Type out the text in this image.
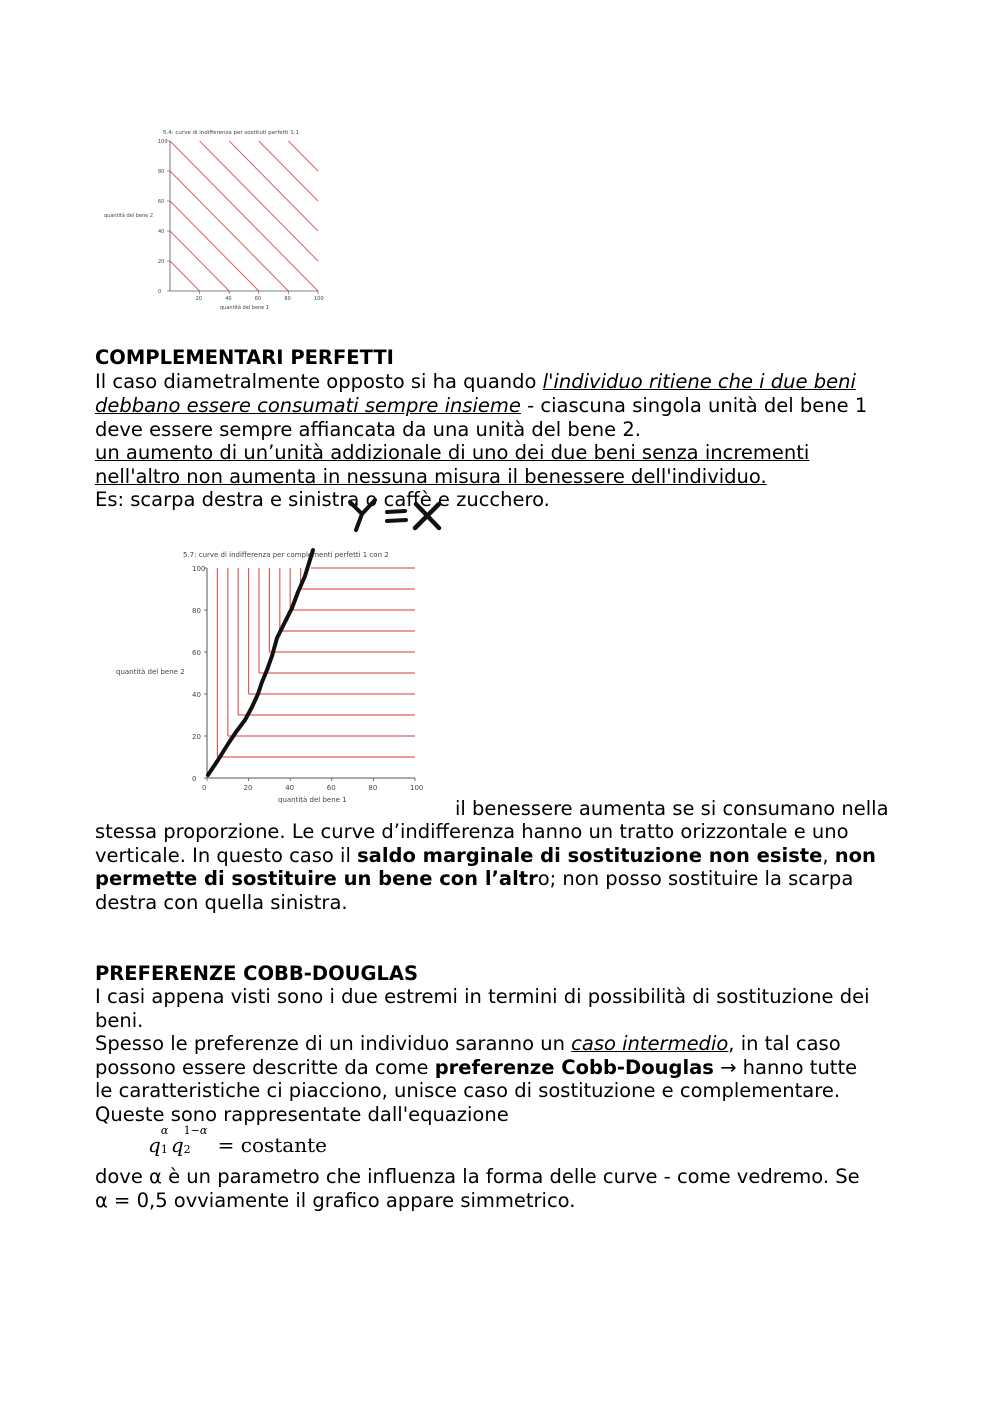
5.4: curve di indifferenza per sostituti perfetti 1:1
quantità del bene 2
quantità del bene 1
20	40	60	80	100
0
20
40
60
80
100
COMPLEMENTARI PERFETTI
Il caso diametralmente opposto si ha quando l'individuo ritiene che i due beni
debbano essere consumati sempre insieme - ciascuna singola unità del bene 1
deve essere sempre affiancata da una unità del bene 2.
un aumento di un’unità addizionale di uno dei due beni senza incrementi
nell'altro non aumenta in nessuna misura il benessere dell'individuo.
Es: scarpa destra e sinistra o caffè e zucchero.
5.7: curve di indifferenza per complementi perfetti 1 con 2
quantità del bene 2
quantità del bene 1
0	20	40	60	80	100
0
20
40
60
80
100
il benessere aumenta se si consumano nella
stessa proporzione. Le curve d’indifferenza hanno un tratto orizzontale e uno
verticale. In questo caso il saldo marginale di sostituzione non esiste, non
permette di sostituire un bene con l’altro; non posso sostituire la scarpa
destra con quella sinistra.
PREFERENZE COBB-DOUGLAS
I casi appena visti sono i due estremi in termini di possibilità di sostituzione dei
beni.
Spesso le preferenze di un individuo saranno un caso intermedio, in tal caso
possono essere descritte da come preferenze Cobb-Douglas → hanno tutte
le caratteristiche ci piacciono, unisce caso di sostituzione e complementare.
Queste sono rappresentate dall'equazione
q
α
1 q
1−α
2 = costante
dove α è un parametro che influenza la forma delle curve - come vedremo. Se
α = 0,5 ovviamente il grafico appare simmetrico.
